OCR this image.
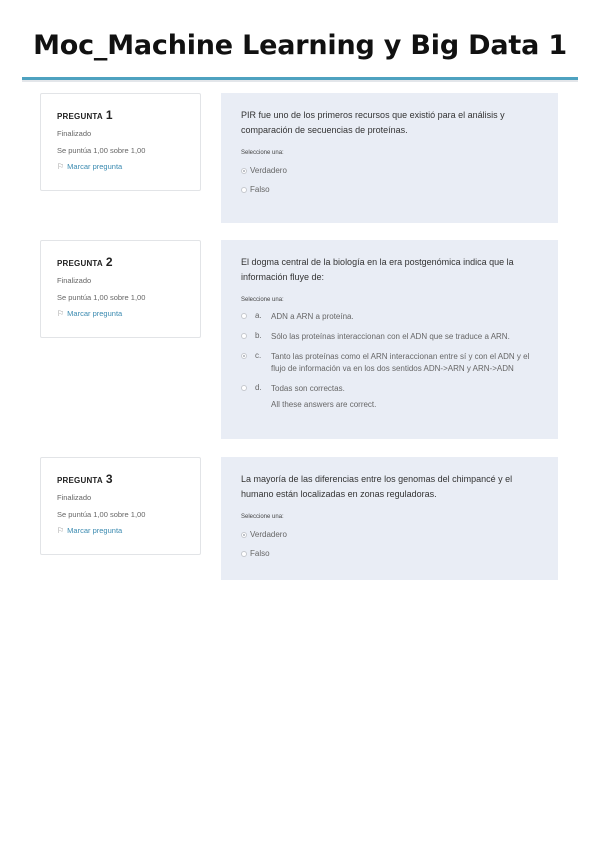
Moc_Machine Learning y Big Data 1
PREGUNTA 1
Finalizado
Se puntúa 1,00 sobre 1,00
⚐ Marcar pregunta
PIR fue uno de los primeros recursos que existió para el análisis y comparación de secuencias de proteínas.
Seleccione una:
Verdadero
Falso
PREGUNTA 2
Finalizado
Se puntúa 1,00 sobre 1,00
⚐ Marcar pregunta
El dogma central de la biología en la era postgenómica indica que la información fluye de:
Seleccione una:
a.	ADN a ARN a proteína.
b.	Sólo las proteínas interaccionan con el ADN que se traduce a ARN.
c.	Tanto las proteínas como el ARN interaccionan entre sí y con el ADN y el flujo de información va en los dos sentidos ADN->ARN y ARN->ADN
d.	Todas son correctas.
All these answers are correct.
PREGUNTA 3
Finalizado
Se puntúa 1,00 sobre 1,00
⚐ Marcar pregunta
La mayoría de las diferencias entre los genomas del chimpancé y el humano están localizadas en zonas reguladoras.
Seleccione una:
Verdadero
Falso
